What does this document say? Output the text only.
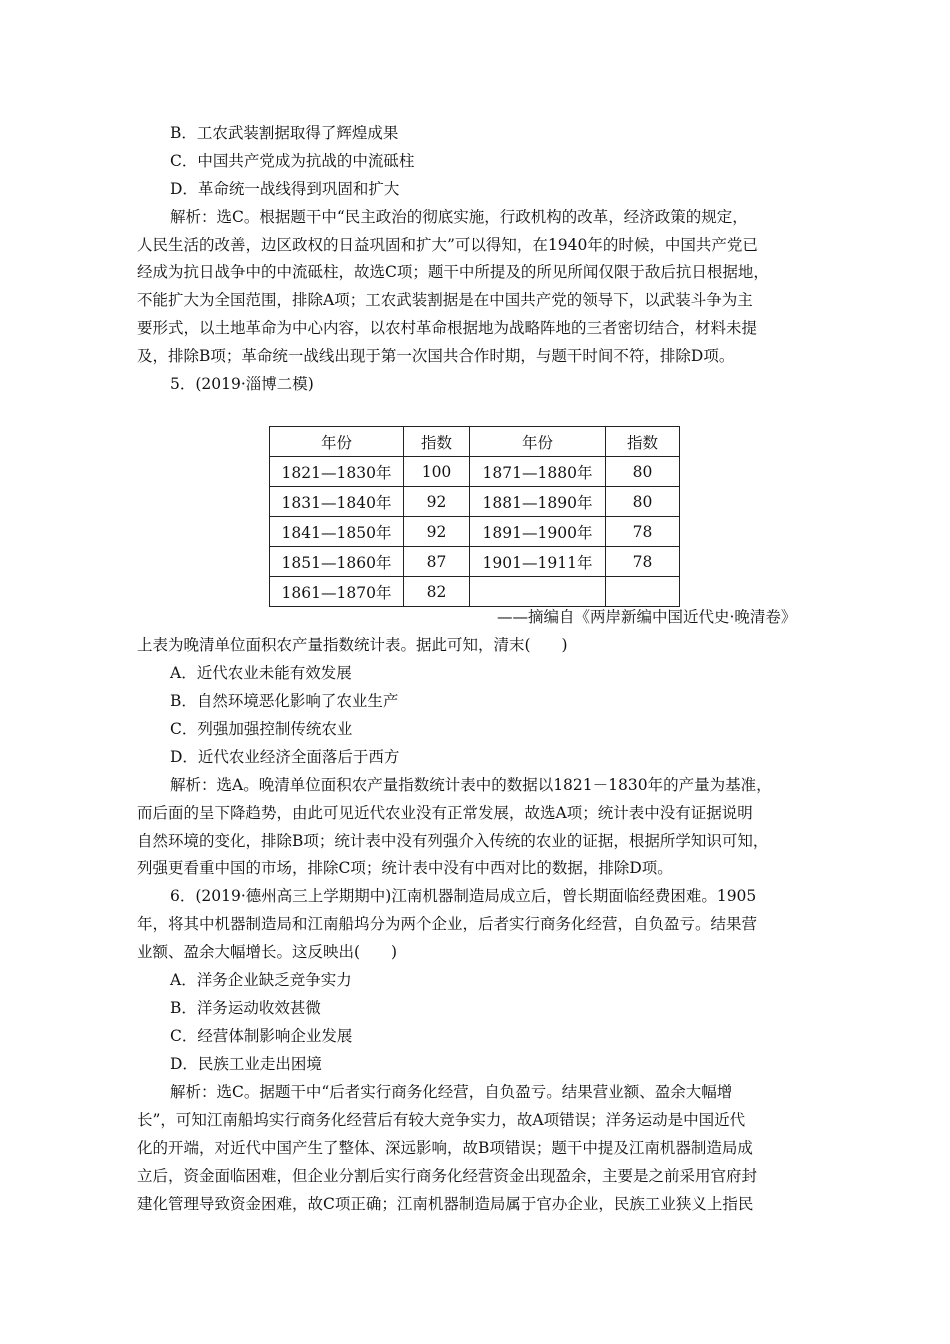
B．工农武装割据取得了辉煌成果
C．中国共产党成为抗战的中流砥柱
D．革命统一战线得到巩固和扩大
解析：选C。根据题干中“民主政治的彻底实施，行政机构的改革，经济政策的规定，
人民生活的改善，边区政权的日益巩固和扩大”可以得知，在1940年的时候，中国共产党已
经成为抗日战争中的中流砥柱，故选C项；题干中所提及的所见所闻仅限于敌后抗日根据地，
不能扩大为全国范围，排除A项；工农武装割据是在中国共产党的领导下，以武装斗争为主
要形式，以土地革命为中心内容，以农村革命根据地为战略阵地的三者密切结合，材料未提
及，排除B项；革命统一战线出现于第一次国共合作时期，与题干时间不符，排除D项。
5．(2019·淄博二模)
年份	指数	年份	指数
1821—1830年	100	1871—1880年	80
1831—1840年	92	1881—1890年	80
1841—1850年	92	1891—1900年	78
1851—1860年	87	1901—1911年	78
1861—1870年	82		
——摘编自《两岸新编中国近代史·晚清卷》
上表为晚清单位面积农产量指数统计表。据此可知，清末(　　)
A．近代农业未能有效发展
B．自然环境恶化影响了农业生产
C．列强加强控制传统农业
D．近代农业经济全面落后于西方
解析：选A。晚清单位面积农产量指数统计表中的数据以1821－1830年的产量为基准，
而后面的呈下降趋势，由此可见近代农业没有正常发展，故选A项；统计表中没有证据说明
自然环境的变化，排除B项；统计表中没有列强介入传统的农业的证据，根据所学知识可知，
列强更看重中国的市场，排除C项；统计表中没有中西对比的数据，排除D项。
6．(2019·德州高三上学期期中)江南机器制造局成立后，曾长期面临经费困难。1905
年，将其中机器制造局和江南船坞分为两个企业，后者实行商务化经营，自负盈亏。结果营
业额、盈余大幅增长。这反映出(　　)
A．洋务企业缺乏竞争实力
B．洋务运动收效甚微
C．经营体制影响企业发展
D．民族工业走出困境
解析：选C。据题干中“后者实行商务化经营，自负盈亏。结果营业额、盈余大幅增
长”，可知江南船坞实行商务化经营后有较大竞争实力，故A项错误；洋务运动是中国近代
化的开端，对近代中国产生了整体、深远影响，故B项错误；题干中提及江南机器制造局成
立后，资金面临困难，但企业分割后实行商务化经营资金出现盈余，主要是之前采用官府封
建化管理导致资金困难，故C项正确；江南机器制造局属于官办企业，民族工业狭义上指民
